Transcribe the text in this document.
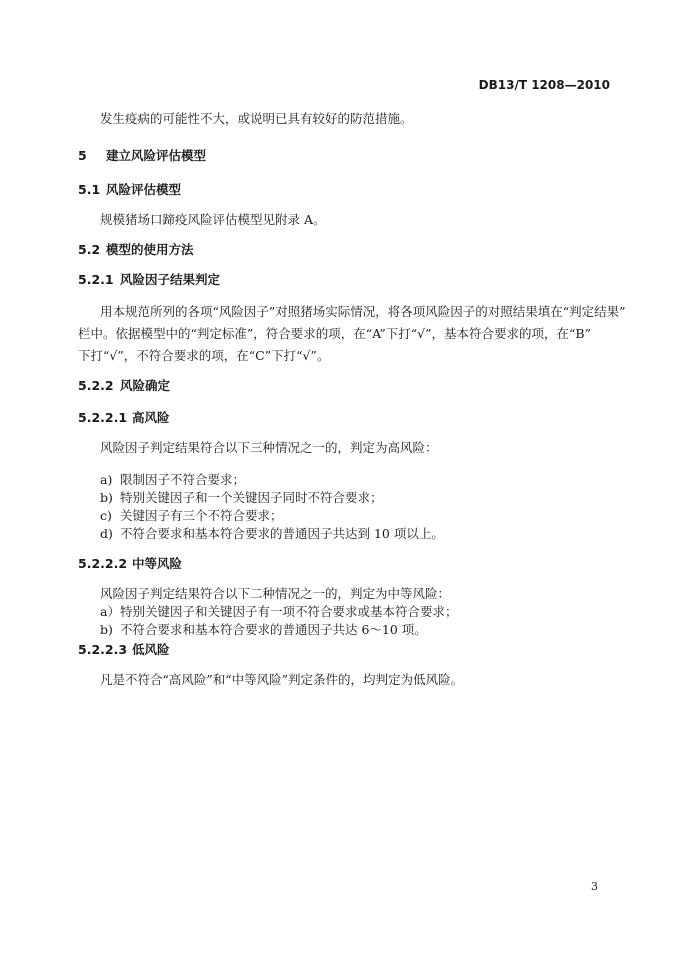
DB13/T 1208—2010
发生疫病的可能性不大，或说明已具有较好的防范措施。
5 建立风险评估模型
5.1 风险评估模型
规模猪场口蹄疫风险评估模型见附录 A。
5.2 模型的使用方法
5.2.1 风险因子结果判定
用本规范所列的各项“风险因子”对照猪场实际情况，将各项风险因子的对照结果填在“判定结果”
栏中。依据模型中的“判定标准”，符合要求的项，在“A”下打“√”，基本符合要求的项，在“B”
下打“√”，不符合要求的项，在“C”下打“√”。
5.2.2 风险确定
5.2.2.1 高风险
风险因子判定结果符合以下三种情况之一的，判定为高风险：
a) 限制因子不符合要求；
b) 特别关键因子和一个关键因子同时不符合要求；
c) 关键因子有三个不符合要求；
d) 不符合要求和基本符合要求的普通因子共达到 10 项以上。
5.2.2.2 中等风险
风险因子判定结果符合以下二种情况之一的，判定为中等风险：
a）特别关键因子和关键因子有一项不符合要求或基本符合要求；
b) 不符合要求和基本符合要求的普通因子共达 6～10 项。
5.2.2.3 低风险
凡是不符合“高风险”和“中等风险”判定条件的，均判定为低风险。
3
